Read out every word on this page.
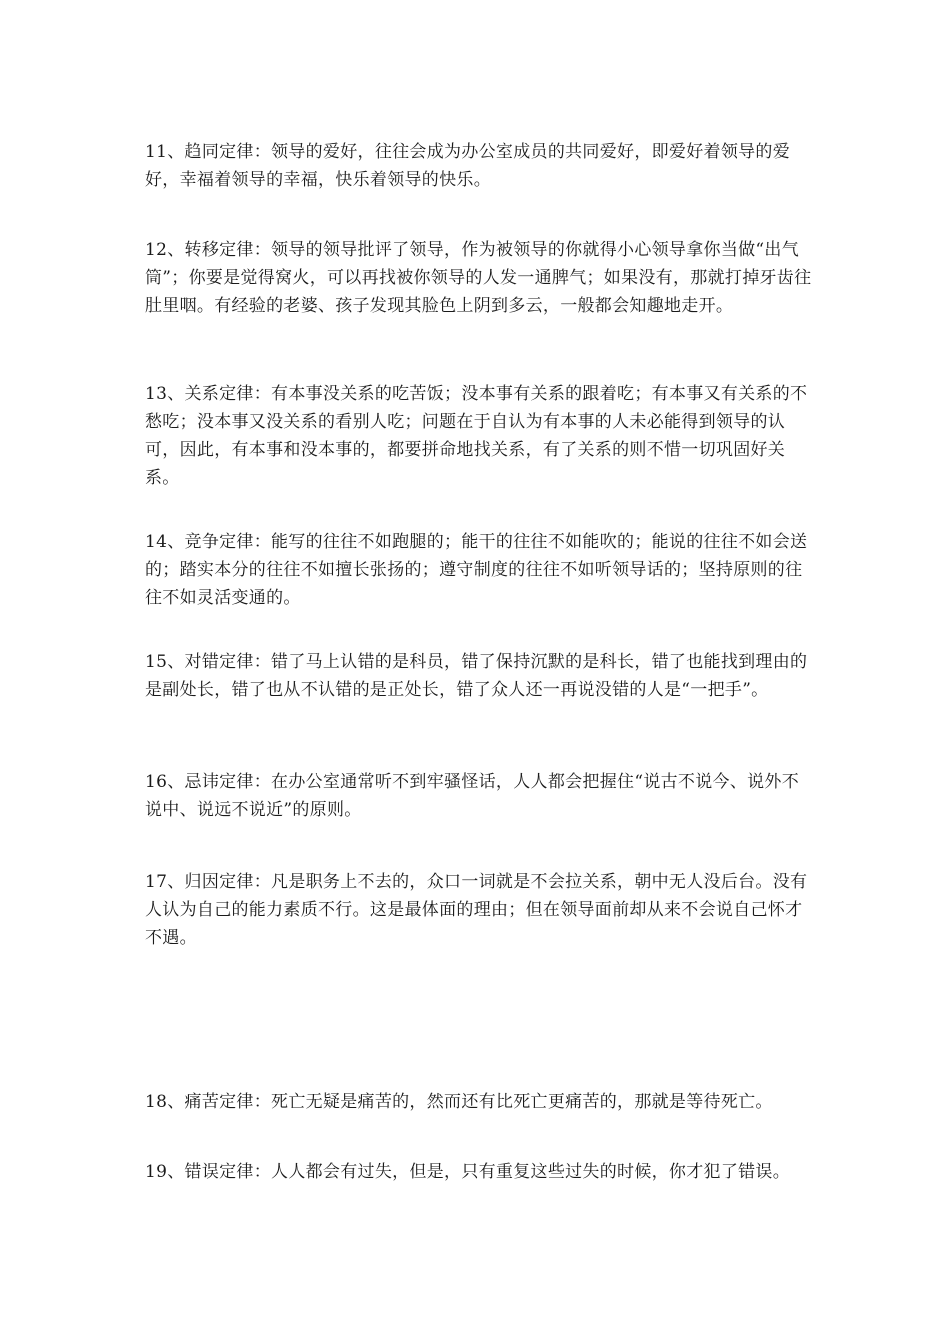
11、趋同定律：领导的爱好，往往会成为办公室成员的共同爱好，即爱好着领导的爱好，幸福着领导的幸福，快乐着领导的快乐。

12、转移定律：领导的领导批评了领导，作为被领导的你就得小心领导拿你当做“出气筒”；你要是觉得窝火，可以再找被你领导的人发一通脾气；如果没有，那就打掉牙齿往肚里咽。有经验的老婆、孩子发现其脸色上阴到多云，一般都会知趣地走开。

13、关系定律：有本事没关系的吃苦饭；没本事有关系的跟着吃；有本事又有关系的不愁吃；没本事又没关系的看别人吃；问题在于自认为有本事的人未必能得到领导的认可，因此，有本事和没本事的，都要拼命地找关系，有了关系的则不惜一切巩固好关系。

14、竞争定律：能写的往往不如跑腿的；能干的往往不如能吹的；能说的往往不如会送的；踏实本分的往往不如擅长张扬的；遵守制度的往往不如听领导话的；坚持原则的往往不如灵活变通的。

15、对错定律：错了马上认错的是科员，错了保持沉默的是科长，错了也能找到理由的是副处长，错了也从不认错的是正处长，错了众人还一再说没错的人是“一把手”。

16、忌讳定律：在办公室通常听不到牢骚怪话，人人都会把握住“说古不说今、说外不说中、说远不说近”的原则。

17、归因定律：凡是职务上不去的，众口一词就是不会拉关系，朝中无人没后台。没有人认为自己的能力素质不行。这是最体面的理由；但在领导面前却从来不会说自己怀才不遇。

18、痛苦定律：死亡无疑是痛苦的，然而还有比死亡更痛苦的，那就是等待死亡。

19、错误定律：人人都会有过失，但是，只有重复这些过失的时候，你才犯了错误。
